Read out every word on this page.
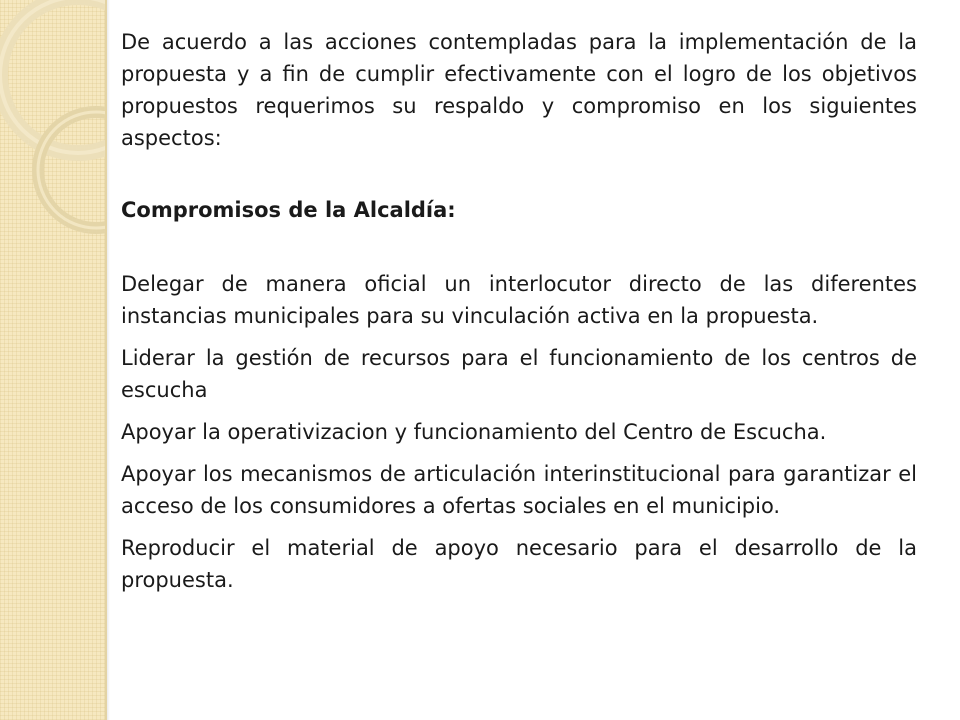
De acuerdo a las acciones contempladas para la implementación de la propuesta y a fin de cumplir efectivamente con el logro de los objetivos propuestos requerimos su respaldo y compromiso en los siguientes aspectos:

Compromisos de la Alcaldía:

Delegar de manera oficial un interlocutor directo de las diferentes instancias municipales para su vinculación activa en la propuesta.

Liderar la gestión de recursos para el funcionamiento de los centros de escucha

Apoyar la operativizacion y funcionamiento del Centro de Escucha.

Apoyar los mecanismos de articulación interinstitucional para garantizar el acceso de los consumidores a ofertas sociales en el municipio.

Reproducir el material de apoyo necesario para el desarrollo de la propuesta.
